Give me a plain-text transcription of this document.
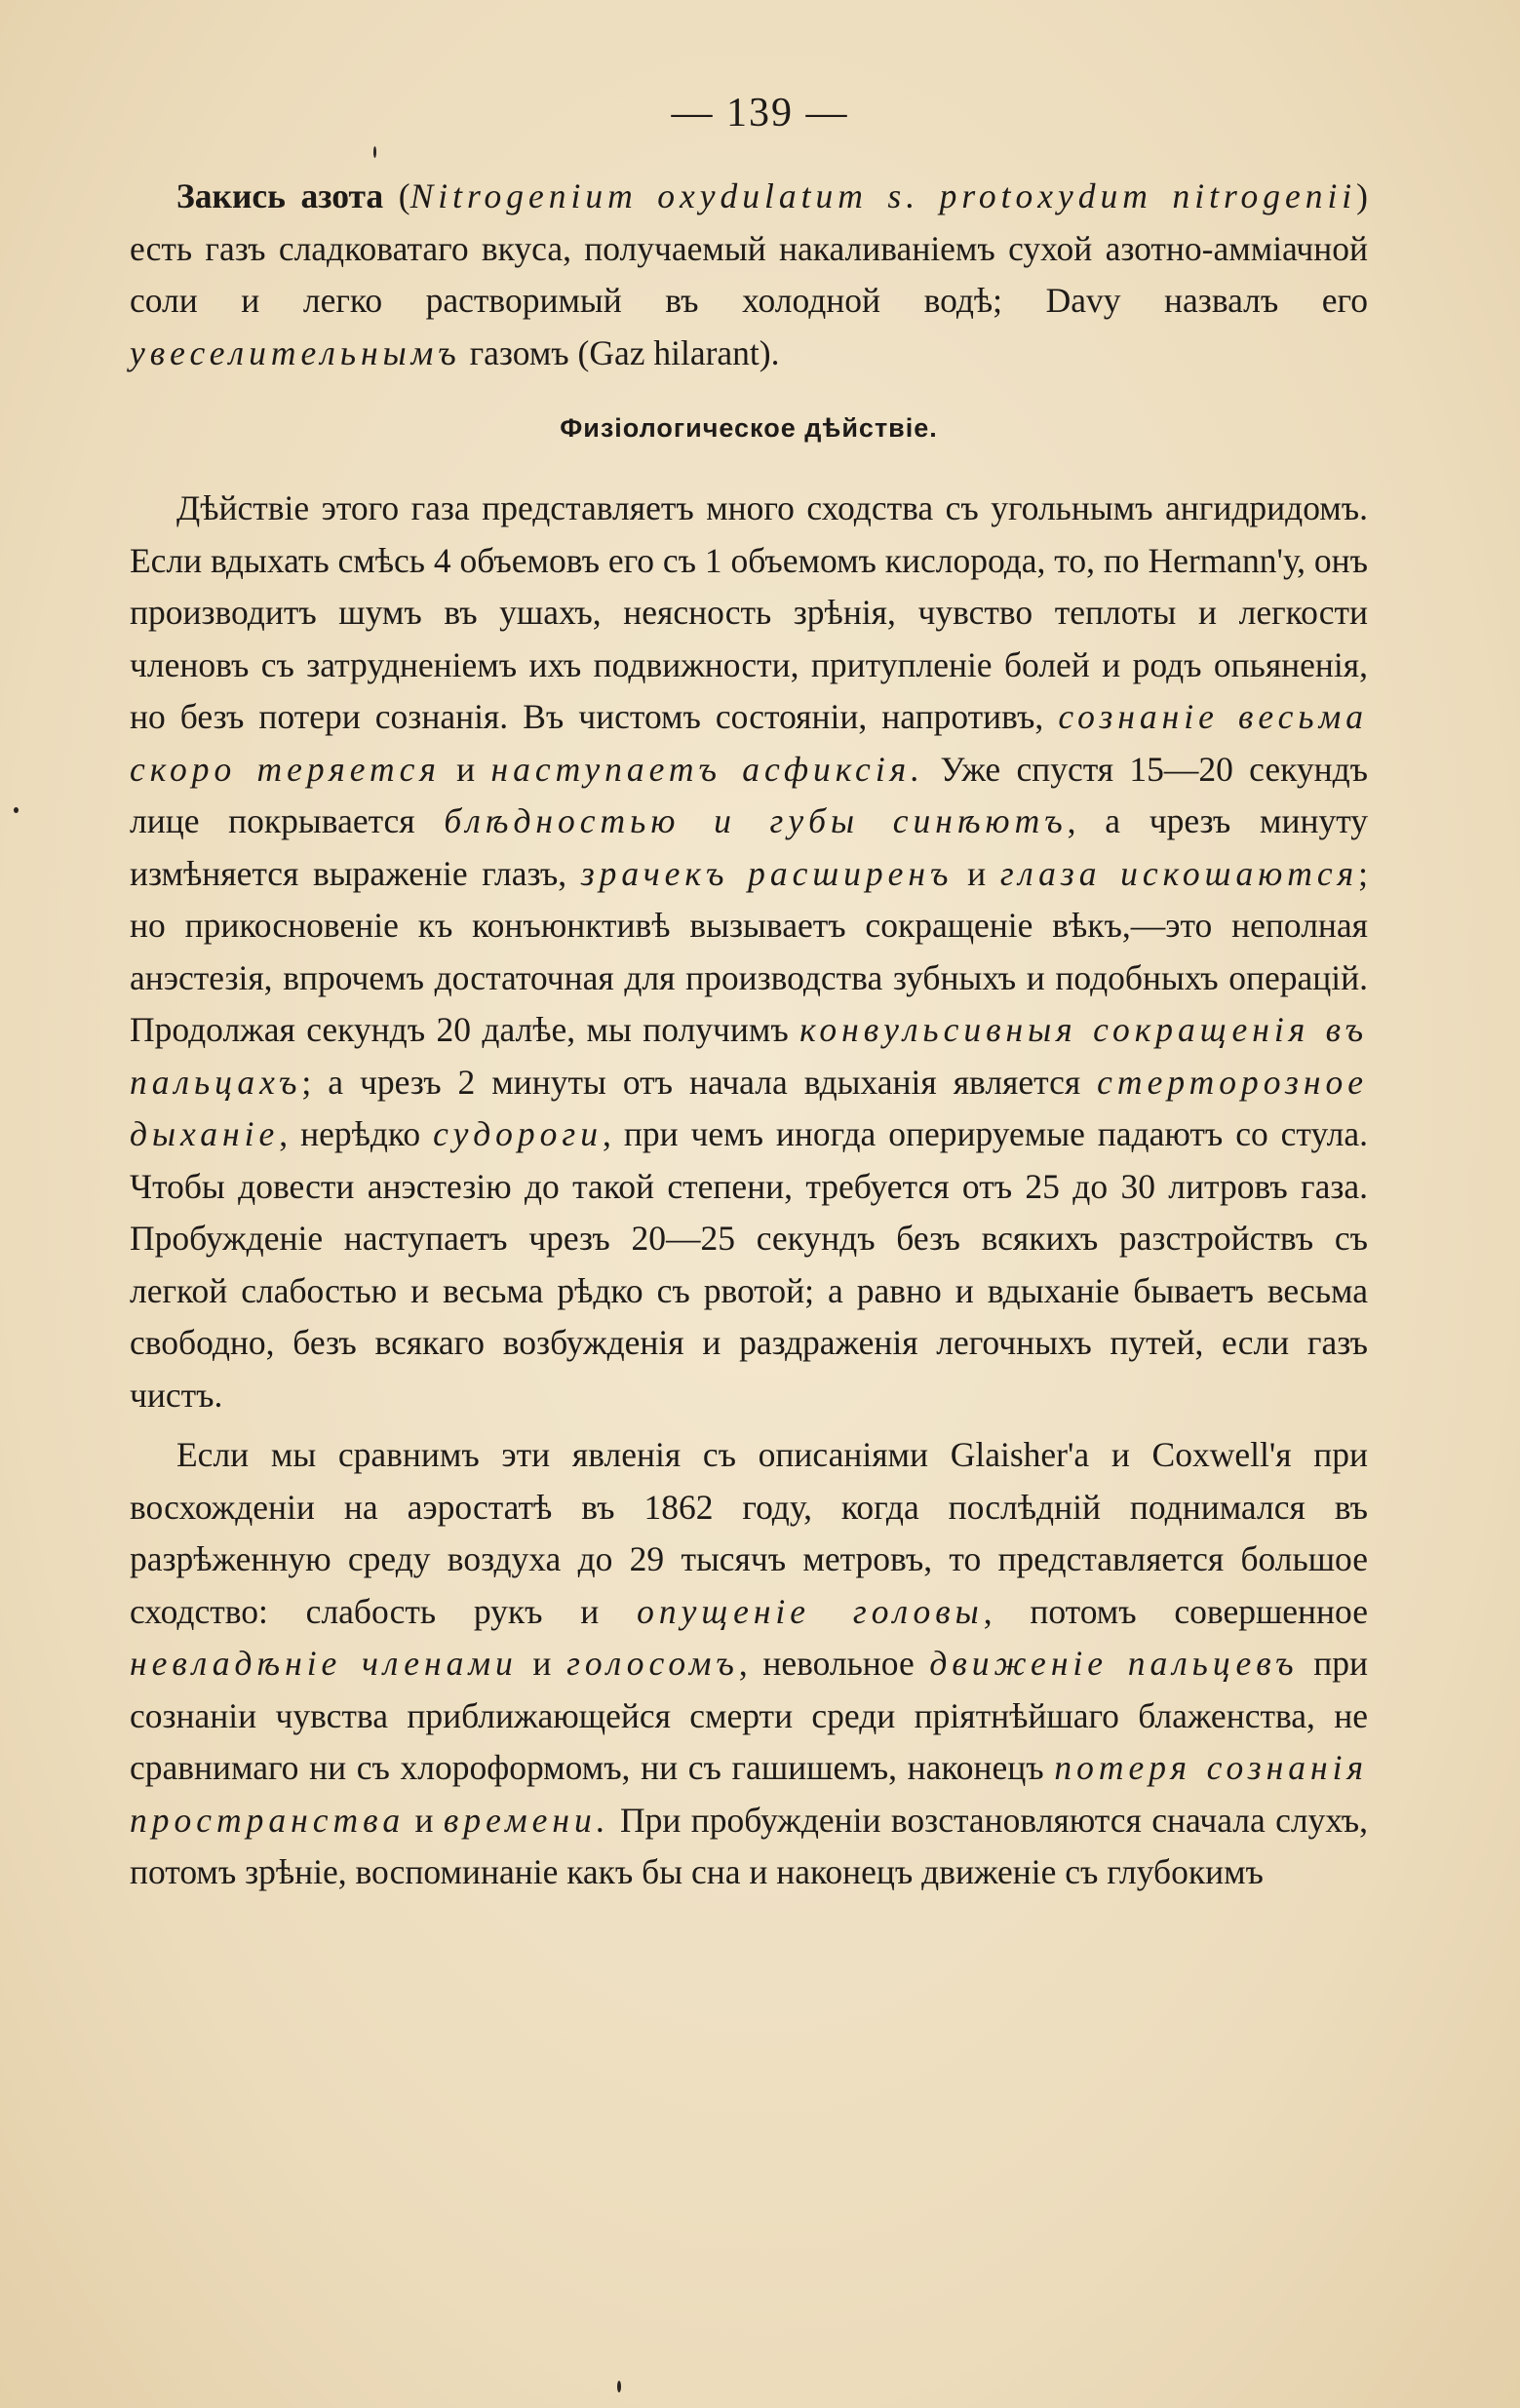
— 139 —

Закись азота (Nitrogenium oxydulatum s. protoxydum nitrogenii) есть газъ сладковатаго вкуса, получаемый накаливаніемъ сухой азотно-амміачной соли и легко растворимый въ холодной водѣ; Davy назвалъ его увеселительнымъ газомъ (Gaz hilarant).

Физіологическое дѣйствіе.

Дѣйствіе этого газа представляетъ много сходства съ угольнымъ ангидридомъ. Если вдыхать смѣсь 4 объемовъ его съ 1 объемомъ кислорода, то, по Hermann'у, онъ производитъ шумъ въ ушахъ, неясность зрѣнія, чувство теплоты и легкости членовъ съ затрудненіемъ ихъ подвижности, притупленіе болей и родъ опьяненія, но безъ потери сознанія. Въ чистомъ состояніи, напротивъ, сознаніе весьма скоро теряется и наступаетъ асфиксія. Уже спустя 15—20 секундъ лице покрывается блѣдностью и губы синѣютъ, а чрезъ минуту измѣняется выраженіе глазъ, зрачекъ расширенъ и глаза искошаются; но прикосновеніе къ конъюнктивѣ вызываетъ сокращеніе вѣкъ,—это неполная анэстезія, впрочемъ достаточная для производства зубныхъ и подобныхъ операцій. Продолжая секундъ 20 далѣе, мы получимъ конвульсивныя сокращенія въ пальцахъ; а чрезъ 2 минуты отъ начала вдыханія является стерторозное дыханіе, нерѣдко судороги, при чемъ иногда оперируемые падаютъ со стула. Чтобы довести анэстезію до такой степени, требуется отъ 25 до 30 литровъ газа. Пробужденіе наступаетъ чрезъ 20—25 секундъ безъ всякихъ разстройствъ съ легкой слабостью и весьма рѣдко съ рвотой; а равно и вдыханіе бываетъ весьма свободно, безъ всякаго возбужденія и раздраженія легочныхъ путей, если газъ чистъ.

Если мы сравнимъ эти явленія съ описаніями Glaisher'а и Coxwell'я при восхожденіи на аэростатѣ въ 1862 году, когда послѣдній поднимался въ разрѣженную среду воздуха до 29 тысячъ метровъ, то представляется большое сходство: слабость рукъ и опущеніе головы, потомъ совершенное невладѣніе членами и голосомъ, невольное движеніе пальцевъ при сознаніи чувства приближающейся смерти среди пріятнѣйшаго блаженства, не сравнимаго ни съ хлороформомъ, ни съ гашишемъ, наконецъ потеря сознанія пространства и времени. При пробужденіи возстановляются сначала слухъ, потомъ зрѣніе, воспоминаніе какъ бы сна и наконецъ движеніе съ глубокимъ
